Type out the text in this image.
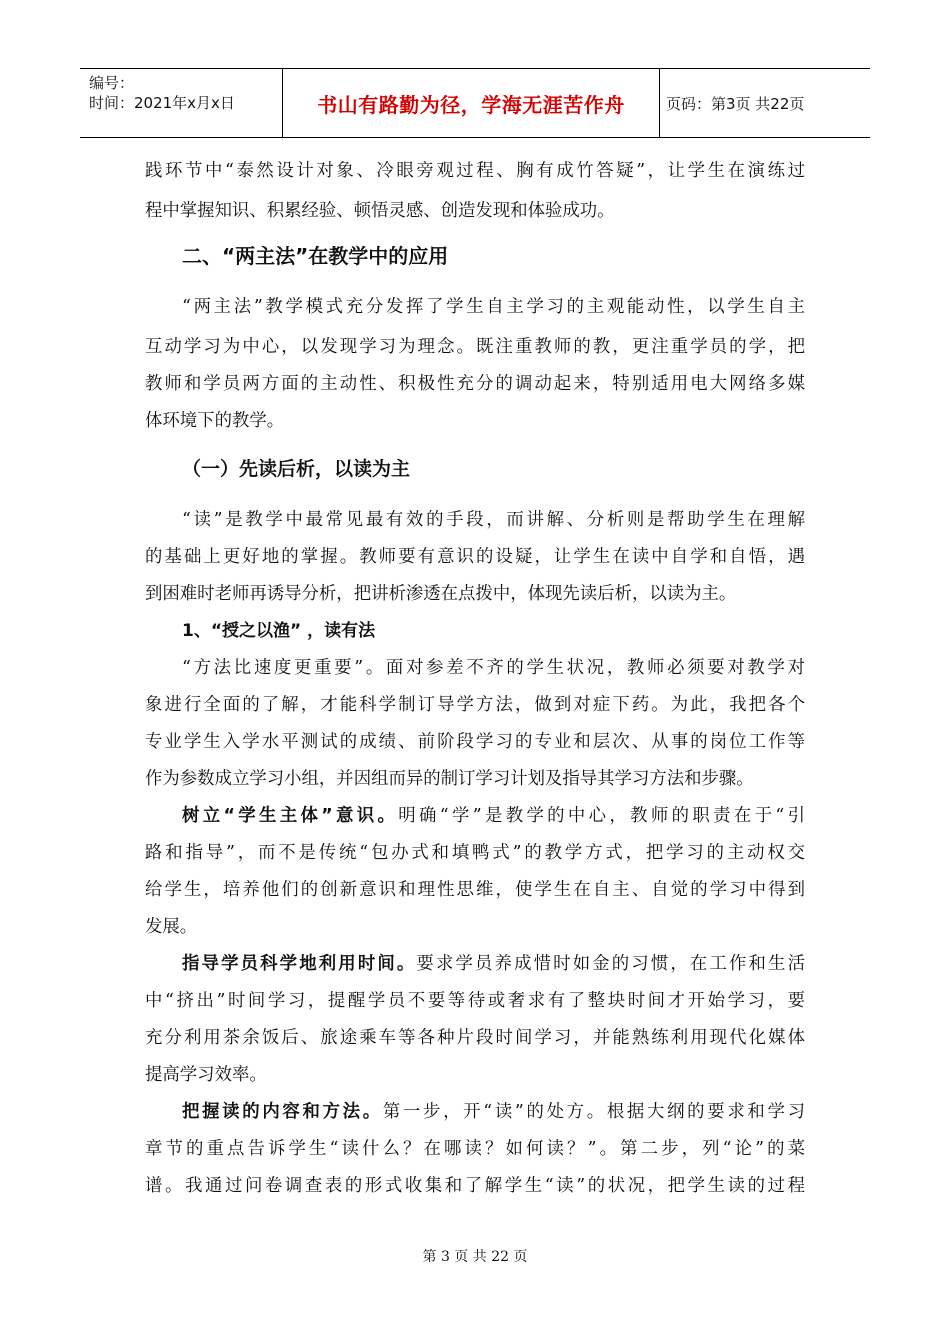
编号：
时间：2021年x月x日	书山有路勤为径，学海无涯苦作舟	页码：第3页 共22页
践环节中“泰然设计对象、冷眼旁观过程、胸有成竹答疑”，让学生在演练过
程中掌握知识、积累经验、顿悟灵感、创造发现和体验成功。
二、“两主法”在教学中的应用
“两主法”教学模式充分发挥了学生自主学习的主观能动性，以学生自主
互动学习为中心，以发现学习为理念。既注重教师的教，更注重学员的学，把
教师和学员两方面的主动性、积极性充分的调动起来，特别适用电大网络多媒
体环境下的教学。
（一）先读后析，以读为主
“读”是教学中最常见最有效的手段，而讲解、分析则是帮助学生在理解
的基础上更好地的掌握。教师要有意识的设疑，让学生在读中自学和自悟，遇
到困难时老师再诱导分析，把讲析渗透在点拨中，体现先读后析，以读为主。
1、“授之以渔” ，读有法
“方法比速度更重要”。面对参差不齐的学生状况，教师必须要对教学对
象进行全面的了解，才能科学制订导学方法，做到对症下药。为此，我把各个
专业学生入学水平测试的成绩、前阶段学习的专业和层次、从事的岗位工作等
作为参数成立学习小组，并因组而异的制订学习计划及指导其学习方法和步骤。
树立“学生主体”意识。明确“学”是教学的中心，教师的职责在于“引
路和指导”，而不是传统“包办式和填鸭式”的教学方式，把学习的主动权交
给学生，培养他们的创新意识和理性思维，使学生在自主、自觉的学习中得到
发展。
指导学员科学地利用时间。要求学员养成惜时如金的习惯，在工作和生活
中“挤出”时间学习，提醒学员不要等待或奢求有了整块时间才开始学习，要
充分利用茶余饭后、旅途乘车等各种片段时间学习，并能熟练利用现代化媒体
提高学习效率。
把握读的内容和方法。第一步，开“读”的处方。根据大纲的要求和学习
章节的重点告诉学生“读什么？在哪读？如何读？”。第二步，列“论”的菜
谱。我通过问卷调查表的形式收集和了解学生“读”的状况，把学生读的过程
第 3 页 共 22 页
